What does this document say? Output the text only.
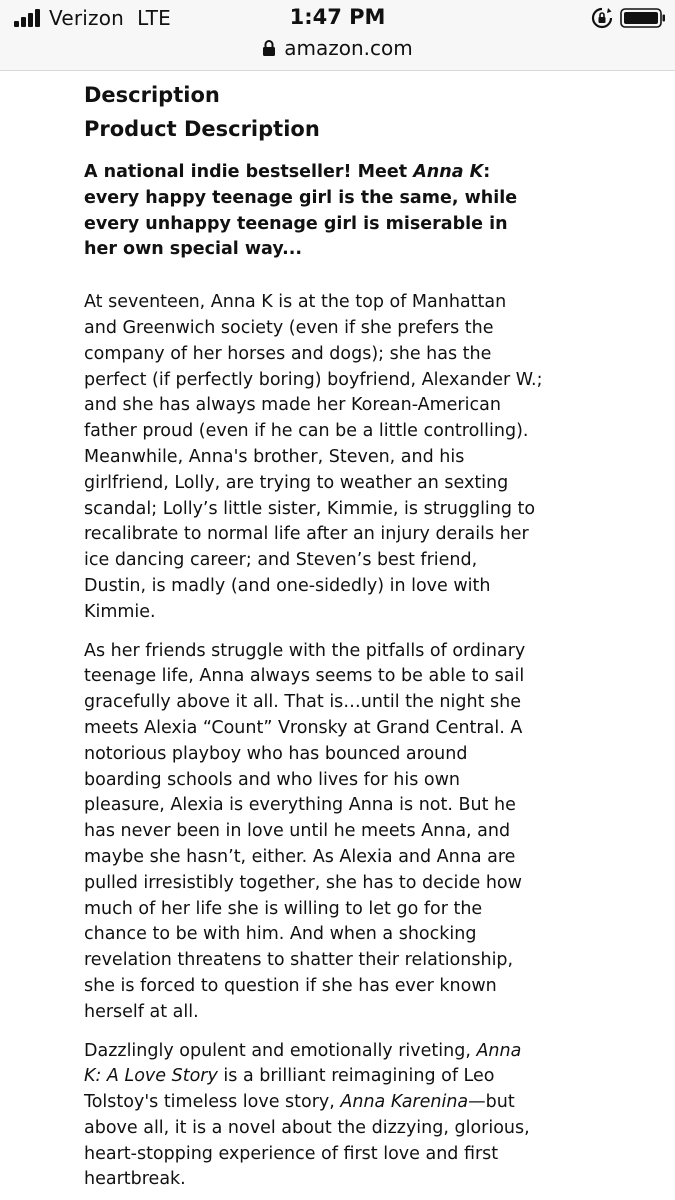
Verizon LTE	1:47 PM
amazon.com
Description
Product Description

A national indie bestseller! Meet Anna K: every happy teenage girl is the same, while every unhappy teenage girl is miserable in her own special way...

At seventeen, Anna K is at the top of Manhattan and Greenwich society (even if she prefers the company of her horses and dogs); she has the perfect (if perfectly boring) boyfriend, Alexander W.; and she has always made her Korean-American father proud (even if he can be a little controlling). Meanwhile, Anna's brother, Steven, and his girlfriend, Lolly, are trying to weather an sexting scandal; Lolly’s little sister, Kimmie, is struggling to recalibrate to normal life after an injury derails her ice dancing career; and Steven’s best friend, Dustin, is madly (and one-sidedly) in love with Kimmie.

As her friends struggle with the pitfalls of ordinary teenage life, Anna always seems to be able to sail gracefully above it all. That is…until the night she meets Alexia “Count” Vronsky at Grand Central. A notorious playboy who has bounced around boarding schools and who lives for his own pleasure, Alexia is everything Anna is not. But he has never been in love until he meets Anna, and maybe she hasn’t, either. As Alexia and Anna are pulled irresistibly together, she has to decide how much of her life she is willing to let go for the chance to be with him. And when a shocking revelation threatens to shatter their relationship, she is forced to question if she has ever known herself at all.

Dazzlingly opulent and emotionally riveting, Anna K: A Love Story is a brilliant reimagining of Leo Tolstoy's timeless love story, Anna Karenina—but above all, it is a novel about the dizzying, glorious, heart-stopping experience of first love and first heartbreak.
